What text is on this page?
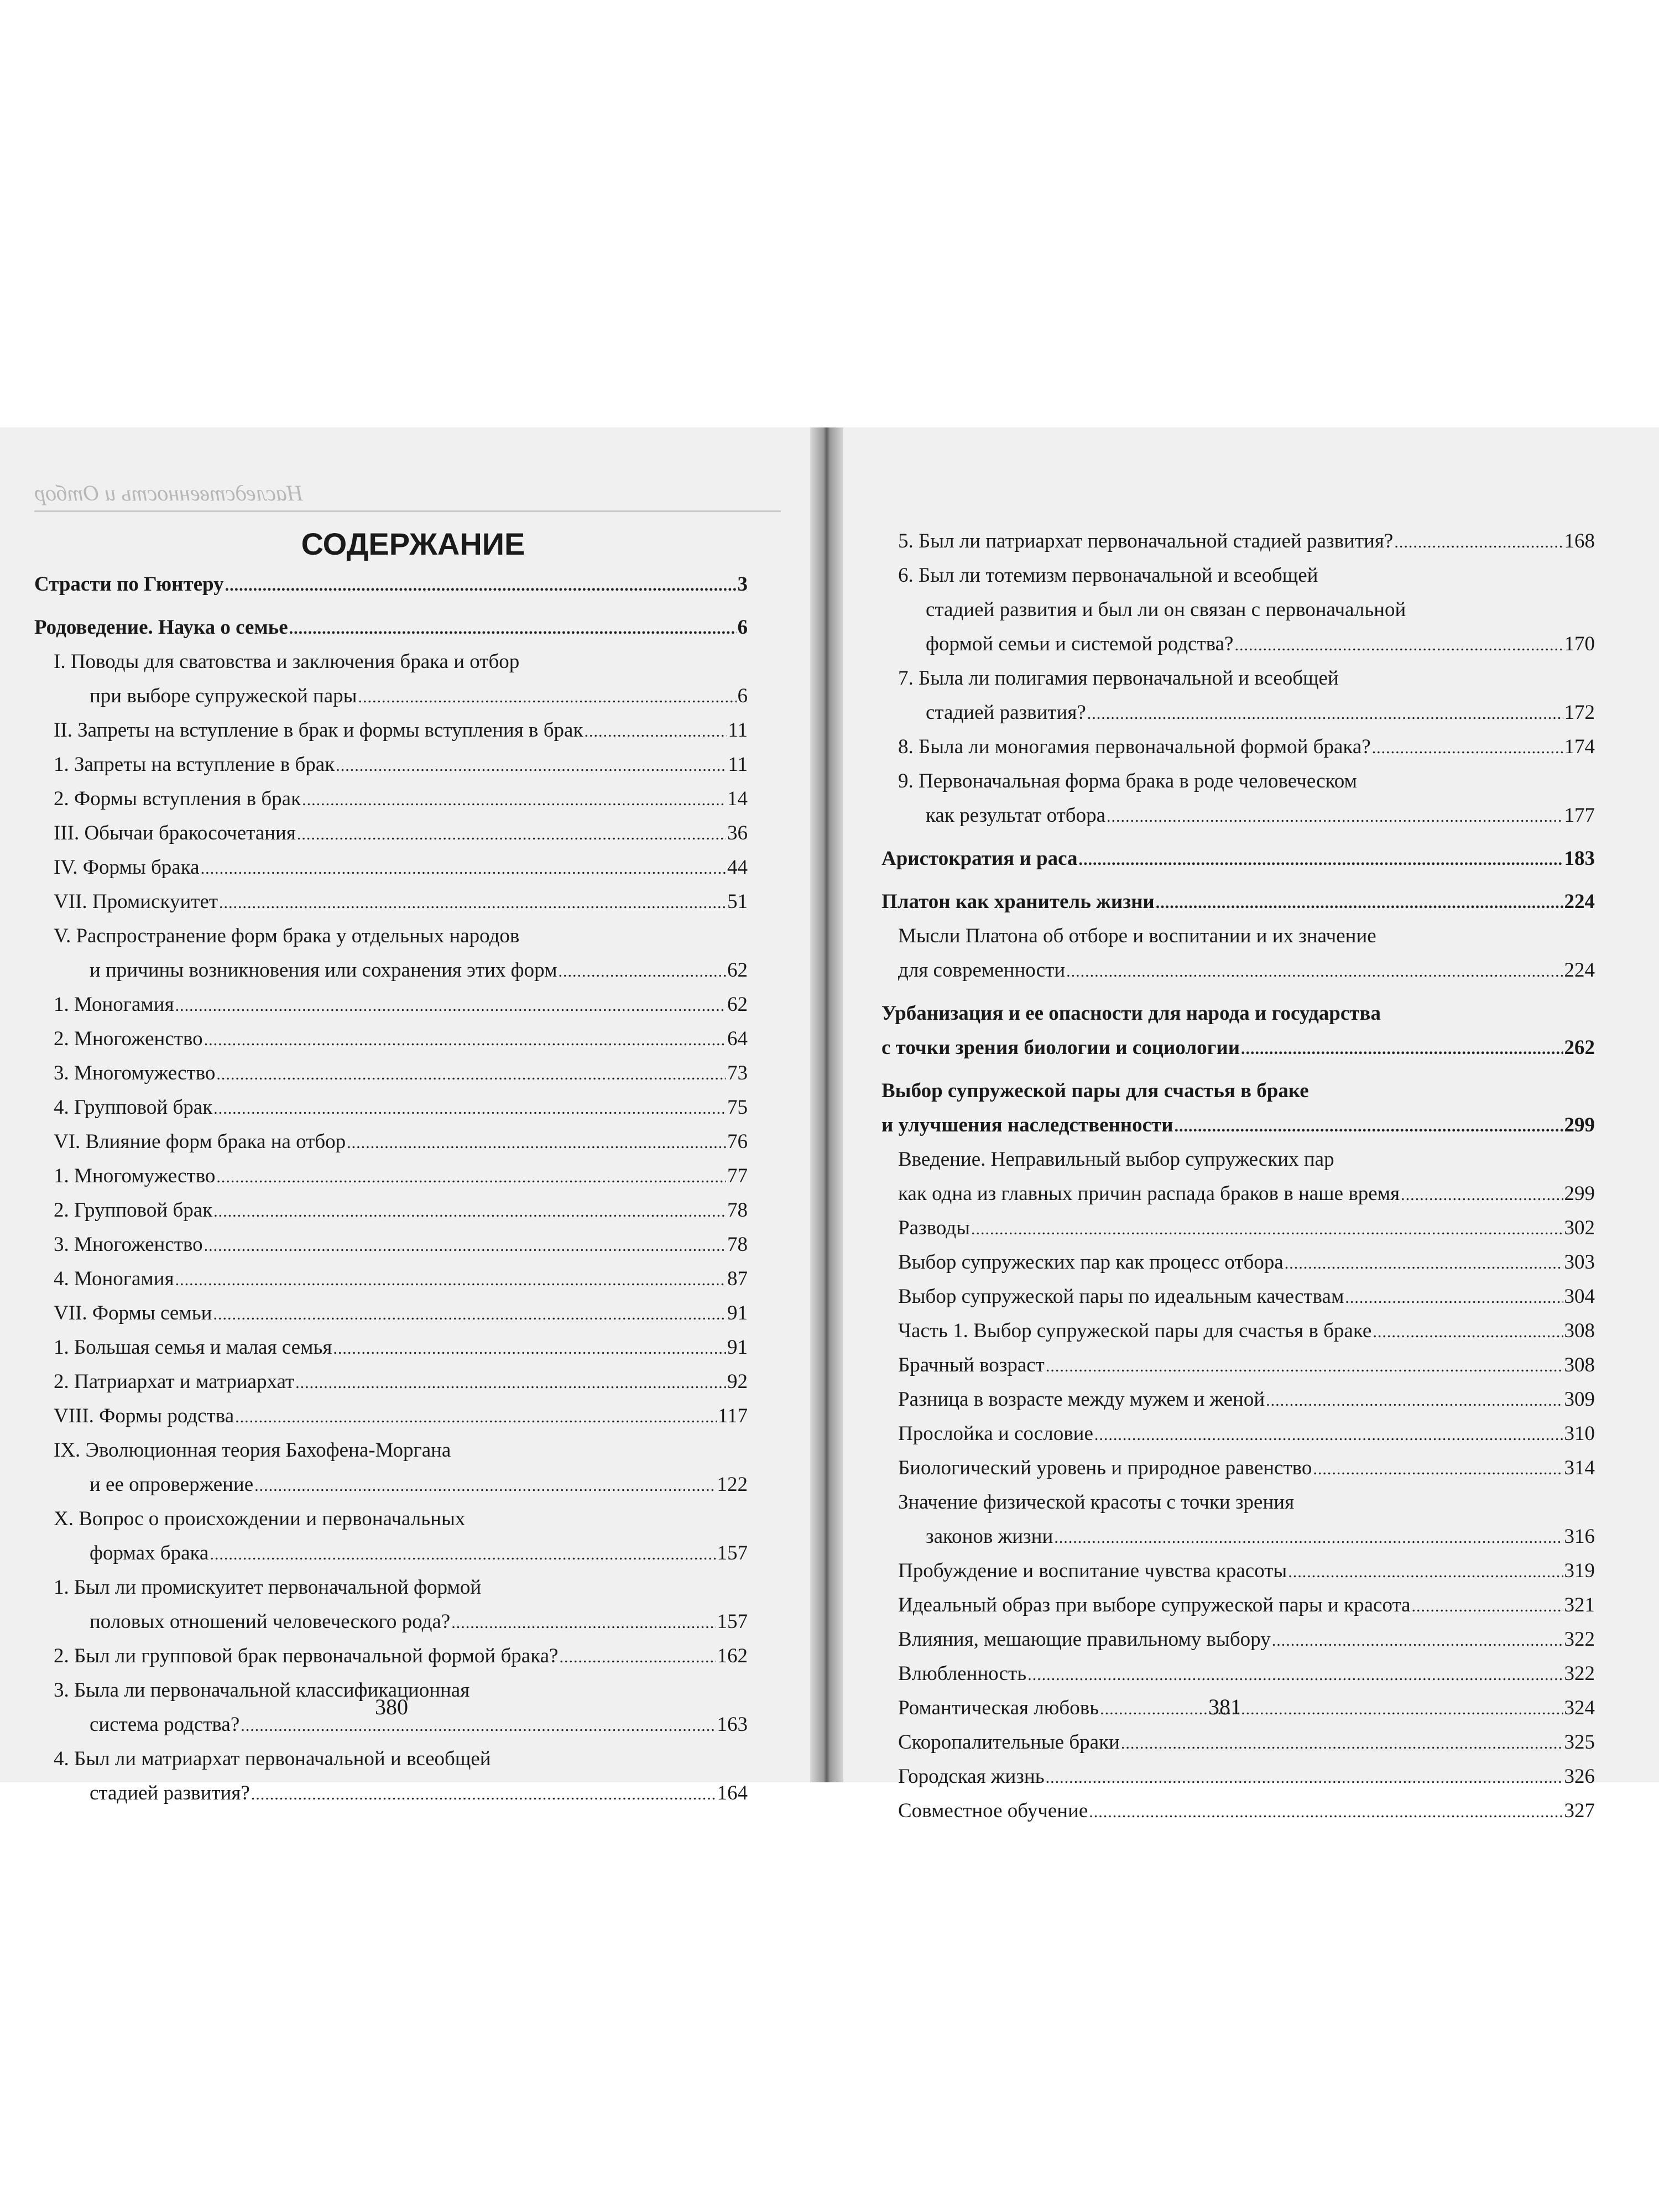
Наследственность и Отбор
СОДЕРЖАНИЕ
Страсти по Гюнтеру .....	3
Родоведение. Наука о семье .....	6
I. Поводы для сватовства и заключения брака и отбор
при выборе супружеской пары .....	6
II. Запреты на вступление в брак и формы вступления в брак .....	11
1. Запреты на вступление в брак .....	11
2. Формы вступления в брак .....	14
III. Обычаи бракосочетания .....	36
IV. Формы брака .....	44
VII. Промискуитет .....	51
V. Распространение форм брака у отдельных народов
и причины возникновения или сохранения этих форм .....	62
1. Моногамия .....	62
2. Многоженство .....	64
3. Многомужество .....	73
4. Групповой брак .....	75
VI. Влияние форм брака на отбор .....	76
1. Многомужество .....	77
2. Групповой брак .....	78
3. Многоженство .....	78
4. Моногамия .....	87
VII. Формы семьи .....	91
1. Большая семья и малая семья .....	91
2. Патриархат и матриархат .....	92
VIII. Формы родства .....	117
IX. Эволюционная теория Бахофена-Моргана
и ее опровержение .....	122
X. Вопрос о происхождении и первоначальных
формах брака .....	157
1. Был ли промискуитет первоначальной формой
половых отношений человеческого рода? .....	157
2. Был ли групповой брак первоначальной формой брака? .....	162
3. Была ли первоначальной классификационная
система родства? .....	163
4. Был ли матриархат первоначальной и всеобщей
стадией развития? .....	164
380
5. Был ли патриархат первоначальной стадией развития? .....	168
6. Был ли тотемизм первоначальной и всеобщей
стадией развития и был ли он связан с первоначальной
формой семьи и системой родства? .....	170
7. Была ли полигамия первоначальной и всеобщей
стадией развития? .....	172
8. Была ли моногамия первоначальной формой брака? .....	174
9. Первоначальная форма брака в роде человеческом
как результат отбора .....	177
Аристократия и раса .....	183
Платон как хранитель жизни .....	224
Мысли Платона об отборе и воспитании и их значение
для современности .....	224
Урбанизация и ее опасности для народа и государства
с точки зрения биологии и социологии .....	262
Выбор супружеской пары для счастья в браке
и улучшения наследственности .....	299
Введение. Неправильный выбор супружеских пар
как одна из главных причин распада браков в наше время .....	299
Разводы .....	302
Выбор супружеских пар как процесс отбора .....	303
Выбор супружеской пары по идеальным качествам .....	304
Часть 1. Выбор супружеской пары для счастья в браке .....	308
Брачный возраст .....	308
Разница в возрасте между мужем и женой .....	309
Прослойка и сословие .....	310
Биологический уровень и природное равенство .....	314
Значение физической красоты с точки зрения
законов жизни .....	316
Пробуждение и воспитание чувства красоты .....	319
Идеальный образ при выборе супружеской пары и красота .....	321
Влияния, мешающие правильному выбору .....	322
Влюбленность .....	322
Романтическая любовь .....	324
Скоропалительные браки .....	325
Городская жизнь .....	326
Совместное обучение .....	327
381
